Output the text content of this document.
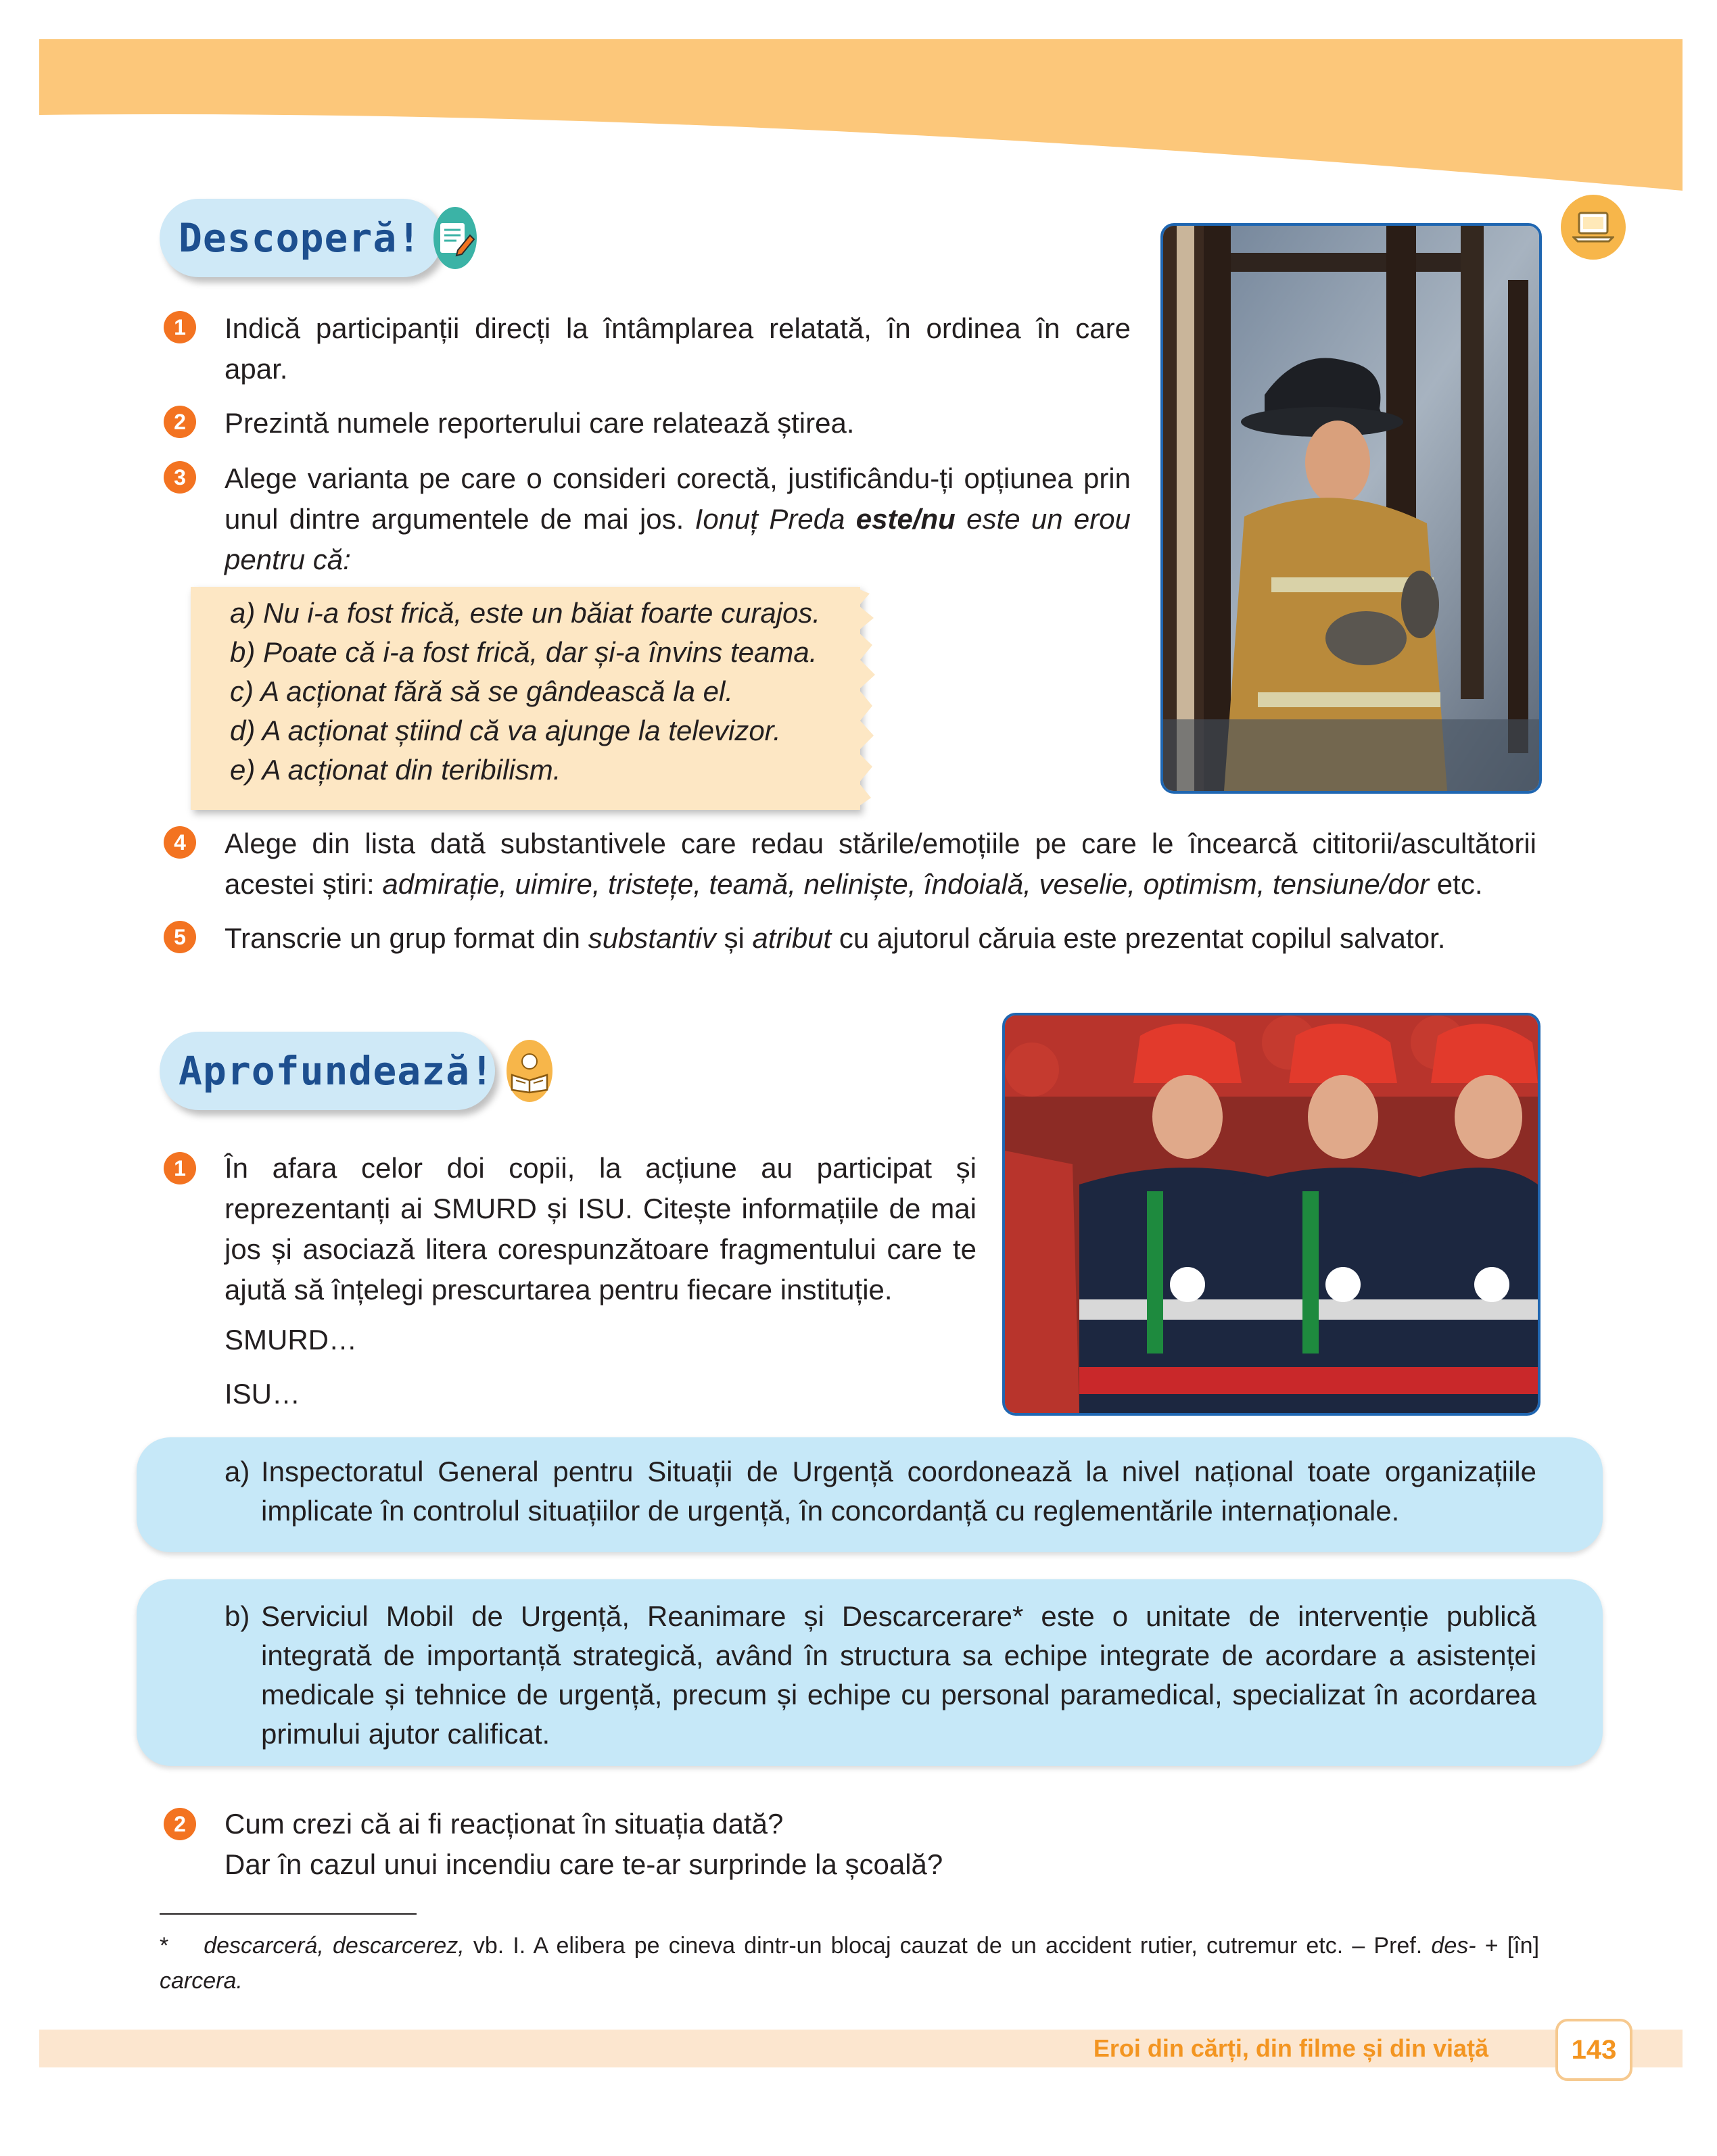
Descoperă!
1	Indică participanții direcți la întâmplarea relatată, în ordinea în care apar.
2	Prezintă numele reporterului care relatează știrea.
3	Alege varianta pe care o consideri corectă, justificându-ți opțiunea prin unul dintre argumentele de mai jos. Ionuț Preda este/nu este un erou pentru că:
a) Nu i-a fost frică, este un băiat foarte curajos.
b) Poate că i-a fost frică, dar și-a învins teama.
c) A acționat fără să se gândească la el.
d) A acționat știind că va ajunge la televizor.
e) A acționat din teribilism.
4	Alege din lista dată substantivele care redau stările/emoțiile pe care le încearcă cititorii/ascultătorii acestei știri: admirație, uimire, tristețe, teamă, neliniște, îndoială, veselie, optimism, tensiune/dor etc.
5	Transcrie un grup format din substantiv și atribut cu ajutorul căruia este prezentat copilul salvator.
Aprofundează!
1	În afara celor doi copii, la acțiune au participat și reprezentanți ai SMURD și ISU. Citește informațiile de mai jos și asociază litera corespunzătoare fragmentului care te ajută să înțelegi prescurtarea pentru fiecare instituție.
SMURD…
ISU…
a) Inspectoratul General pentru Situații de Urgență coordonează la nivel național toate organizațiile implicate în controlul situațiilor de urgență, în concordanță cu reglementările internaționale.
b) Serviciul Mobil de Urgență, Reanimare și Descarcerare* este o unitate de intervenție publică integrată de importanță strategică, având în structura sa echipe integrate de acordare a asistenței medicale și tehnice de urgență, precum și echipe cu personal paramedical, specializat în acordarea primului ajutor calificat.
2	Cum crezi că ai fi reacționat în situația dată?
Dar în cazul unui incendiu care te-ar surprinde la școală?
* descarcerá, descarcerez, vb. I. A elibera pe cineva dintr-un blocaj cauzat de un accident rutier, cutremur etc. – Pref. des- + [în] carcera.
Eroi din cărți, din filme și din viață	143
